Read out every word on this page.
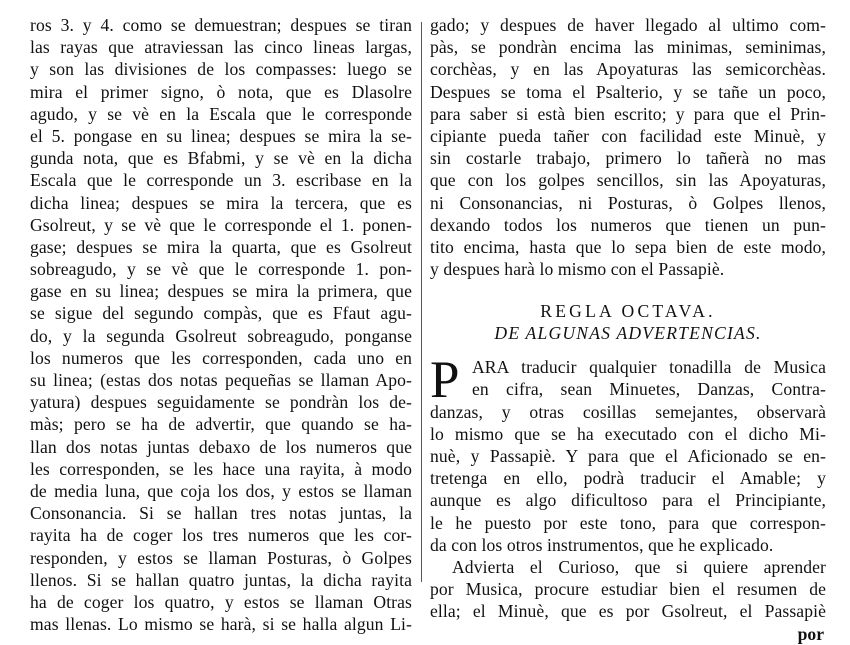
ros 3. y 4. como se demuestran; despues se tiran
las rayas que atraviessan las cinco lineas largas,
y son las divisiones de los compasses: luego se
mira el primer signo, ò nota, que es Dlasolre
agudo, y se vè en la Escala que le corresponde
el 5. pongase en su linea; despues se mira la se-
gunda nota, que es Bfabmi, y se vè en la dicha
Escala que le corresponde un 3. escribase en la
dicha linea; despues se mira la tercera, que es
Gsolreut, y se vè que le corresponde el 1. ponen-
gase; despues se mira la quarta, que es Gsolreut
sobreagudo, y se vè que le corresponde 1. pon-
gase en su linea; despues se mira la primera, que
se sigue del segundo compàs, que es Ffaut agu-
do, y la segunda Gsolreut sobreagudo, ponganse
los numeros que les corresponden, cada uno en
su linea; (estas dos notas pequeñas se llaman Apo-
yatura) despues seguidamente se pondràn los de-
màs; pero se ha de advertir, que quando se ha-
llan dos notas juntas debaxo de los numeros que
les corresponden, se les hace una rayita, à modo
de media luna, que coja los dos, y estos se llaman
Consonancia. Si se hallan tres notas juntas, la
rayita ha de coger los tres numeros que les cor-
responden, y estos se llaman Posturas, ò Golpes
llenos. Si se hallan quatro juntas, la dicha rayita
ha de coger los quatro, y estos se llaman Otras
mas llenas. Lo mismo se harà, si se halla algun Li-
gado; y despues de haver llegado al ultimo com-
pàs, se pondràn encima las minimas, seminimas,
corchèas, y en las Apoyaturas las semicorchèas.
Despues se toma el Psalterio, y se tañe un poco,
para saber si està bien escrito; y para que el Prin-
cipiante pueda tañer con facilidad este Minuè, y
sin costarle trabajo, primero lo tañerà no mas
que con los golpes sencillos, sin las Apoyaturas,
ni Consonancias, ni Posturas, ò Golpes llenos,
dexando todos los numeros que tienen un pun-
tito encima, hasta que lo sepa bien de este modo,
y despues harà lo mismo con el Passapiè.
REGLA OCTAVA.
DE ALGUNAS ADVERTENCIAS.
P ARA traducir qualquier tonadilla de Musica
en cifra, sean Minuetes, Danzas, Contra-
danzas, y otras cosillas semejantes, observarà
lo mismo que se ha executado con el dicho Mi-
nuè, y Passapiè. Y para que el Aficionado se en-
tretenga en ello, podrà traducir el Amable; y
aunque es algo dificultoso para el Principiante,
le he puesto por este tono, para que correspon-
da con los otros instrumentos, que he explicado.
Advierta el Curioso, que si quiere aprender
por Musica, procure estudiar bien el resumen de
ella; el Minuè, que es por Gsolreut, el Passapiè
por
